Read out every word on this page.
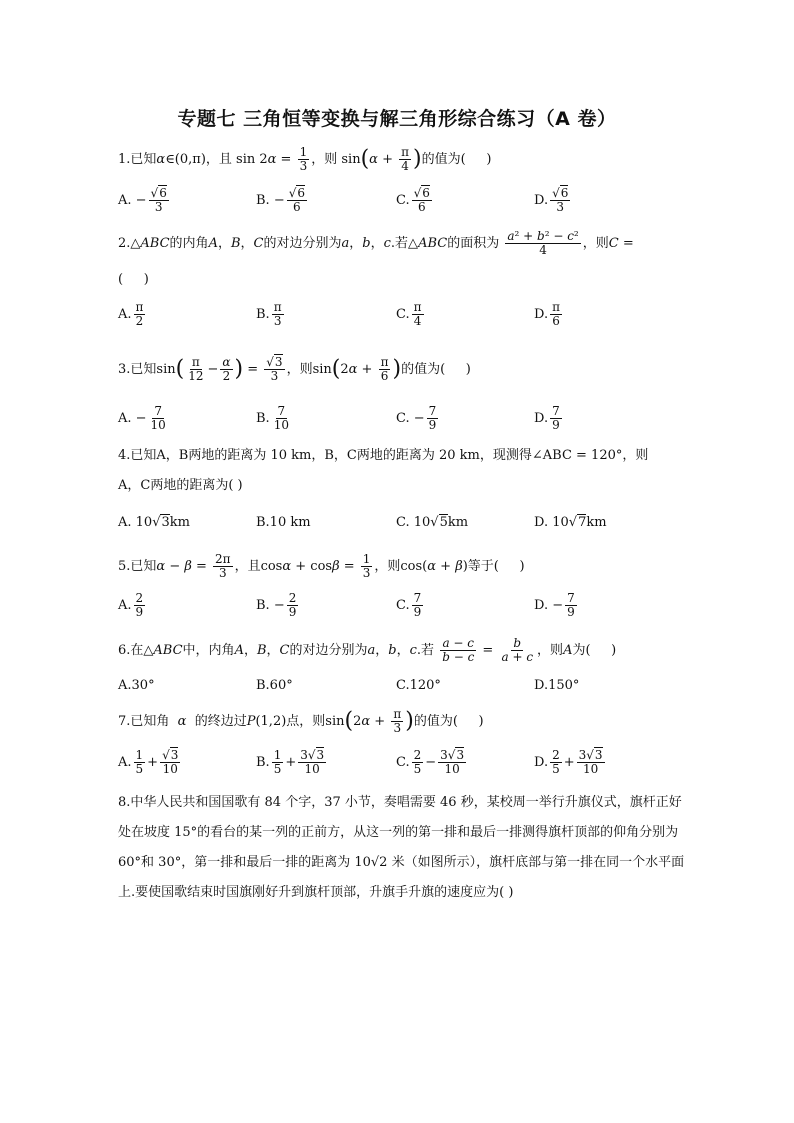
专题七 三角恒等变换与解三角形综合练习（A 卷）
1.已知α∈(0,π)，且 $\sin 2\alpha = \frac{1}{3}$ ，则 $\sin(\alpha + \frac{\pi}{4}$ )的值为(     )
A. − $\frac{√6}{3}$	B. − $\frac{√6}{6}$	C. $\frac{√6}{6}$	D. $\frac{√6}{3}$
2.△ABC的内角A，B，C的对边分别为a，b，c.若△ABC的面积为 $\frac{\text{a² + b² − c²}}{4}$ ，则C =
(     )
A. $\frac{\pi}{2}$	B. $\frac{\pi}{3}$	C. $\frac{\pi}{4}$	D. $\frac{\pi}{6}$
3.已知$\sin( \frac{\pi}{12} - \frac{\alpha}{2}$ ) = $\frac{√3}{3}$ ，则$\sin(2\alpha + \frac{\pi}{6}$ )的值为(     )
A. − $\frac{7}{10}$	B. $\frac{7}{10}$	C. − $\frac{7}{9}$	D. $\frac{7}{9}$
4.已知A，B两地的距离为 10 km，B，C两地的距离为 20 km，现测得∠ABC = 120°，则
A，C两地的距离为( )
A. 10√ 3 km	B.10 km	C. 10√ 5 km	D. 10√ 7 km
5.已知$\alpha - \beta = \frac{2\pi}{3}$ ，且$\cos\alpha + \cos\beta = \frac{1}{3}$ ，则cos(α + β)等于(     )
A. $\frac{2}{9}$	B. − $\frac{2}{9}$	C. $\frac{7}{9}$	D. − $\frac{7}{9}$
6.在△ABC中，内角A，B，C的对边分别为a，b，c.若 $\frac{a - c}{b - c} = \frac{b}{a + c}$ ，则A为(     )
A.30°	B.60°	C.120°	D.150°
7.已知角  α  的终边过P(1,2)点，则$\sin(2\alpha + \frac{\pi}{3}$ )的值为(     )
A. $\frac{1}{5} + \frac{√3}{10}$	B. $\frac{1}{5} + \frac{3√3}{10}$	C. $\frac{2}{5} - \frac{3√3}{10}$	D. $\frac{2}{5} + \frac{3√3}{10}$
8.中华人民共和国国歌有 84 个字，37 小节，奏唱需要 46 秒，某校周一举行升旗仪式，旗杆正好处在坡度 15°的看台的某一列的正前方，从这一列的第一排和最后一排测得旗杆顶部的仰角分别为 60°和 30°，第一排和最后一排的距离为 10√2 米（如图所示），旗杆底部与第一排在同一个水平面上.要使国歌结束时国旗刚好升到旗杆顶部，升旗手升旗的速度应为( )
